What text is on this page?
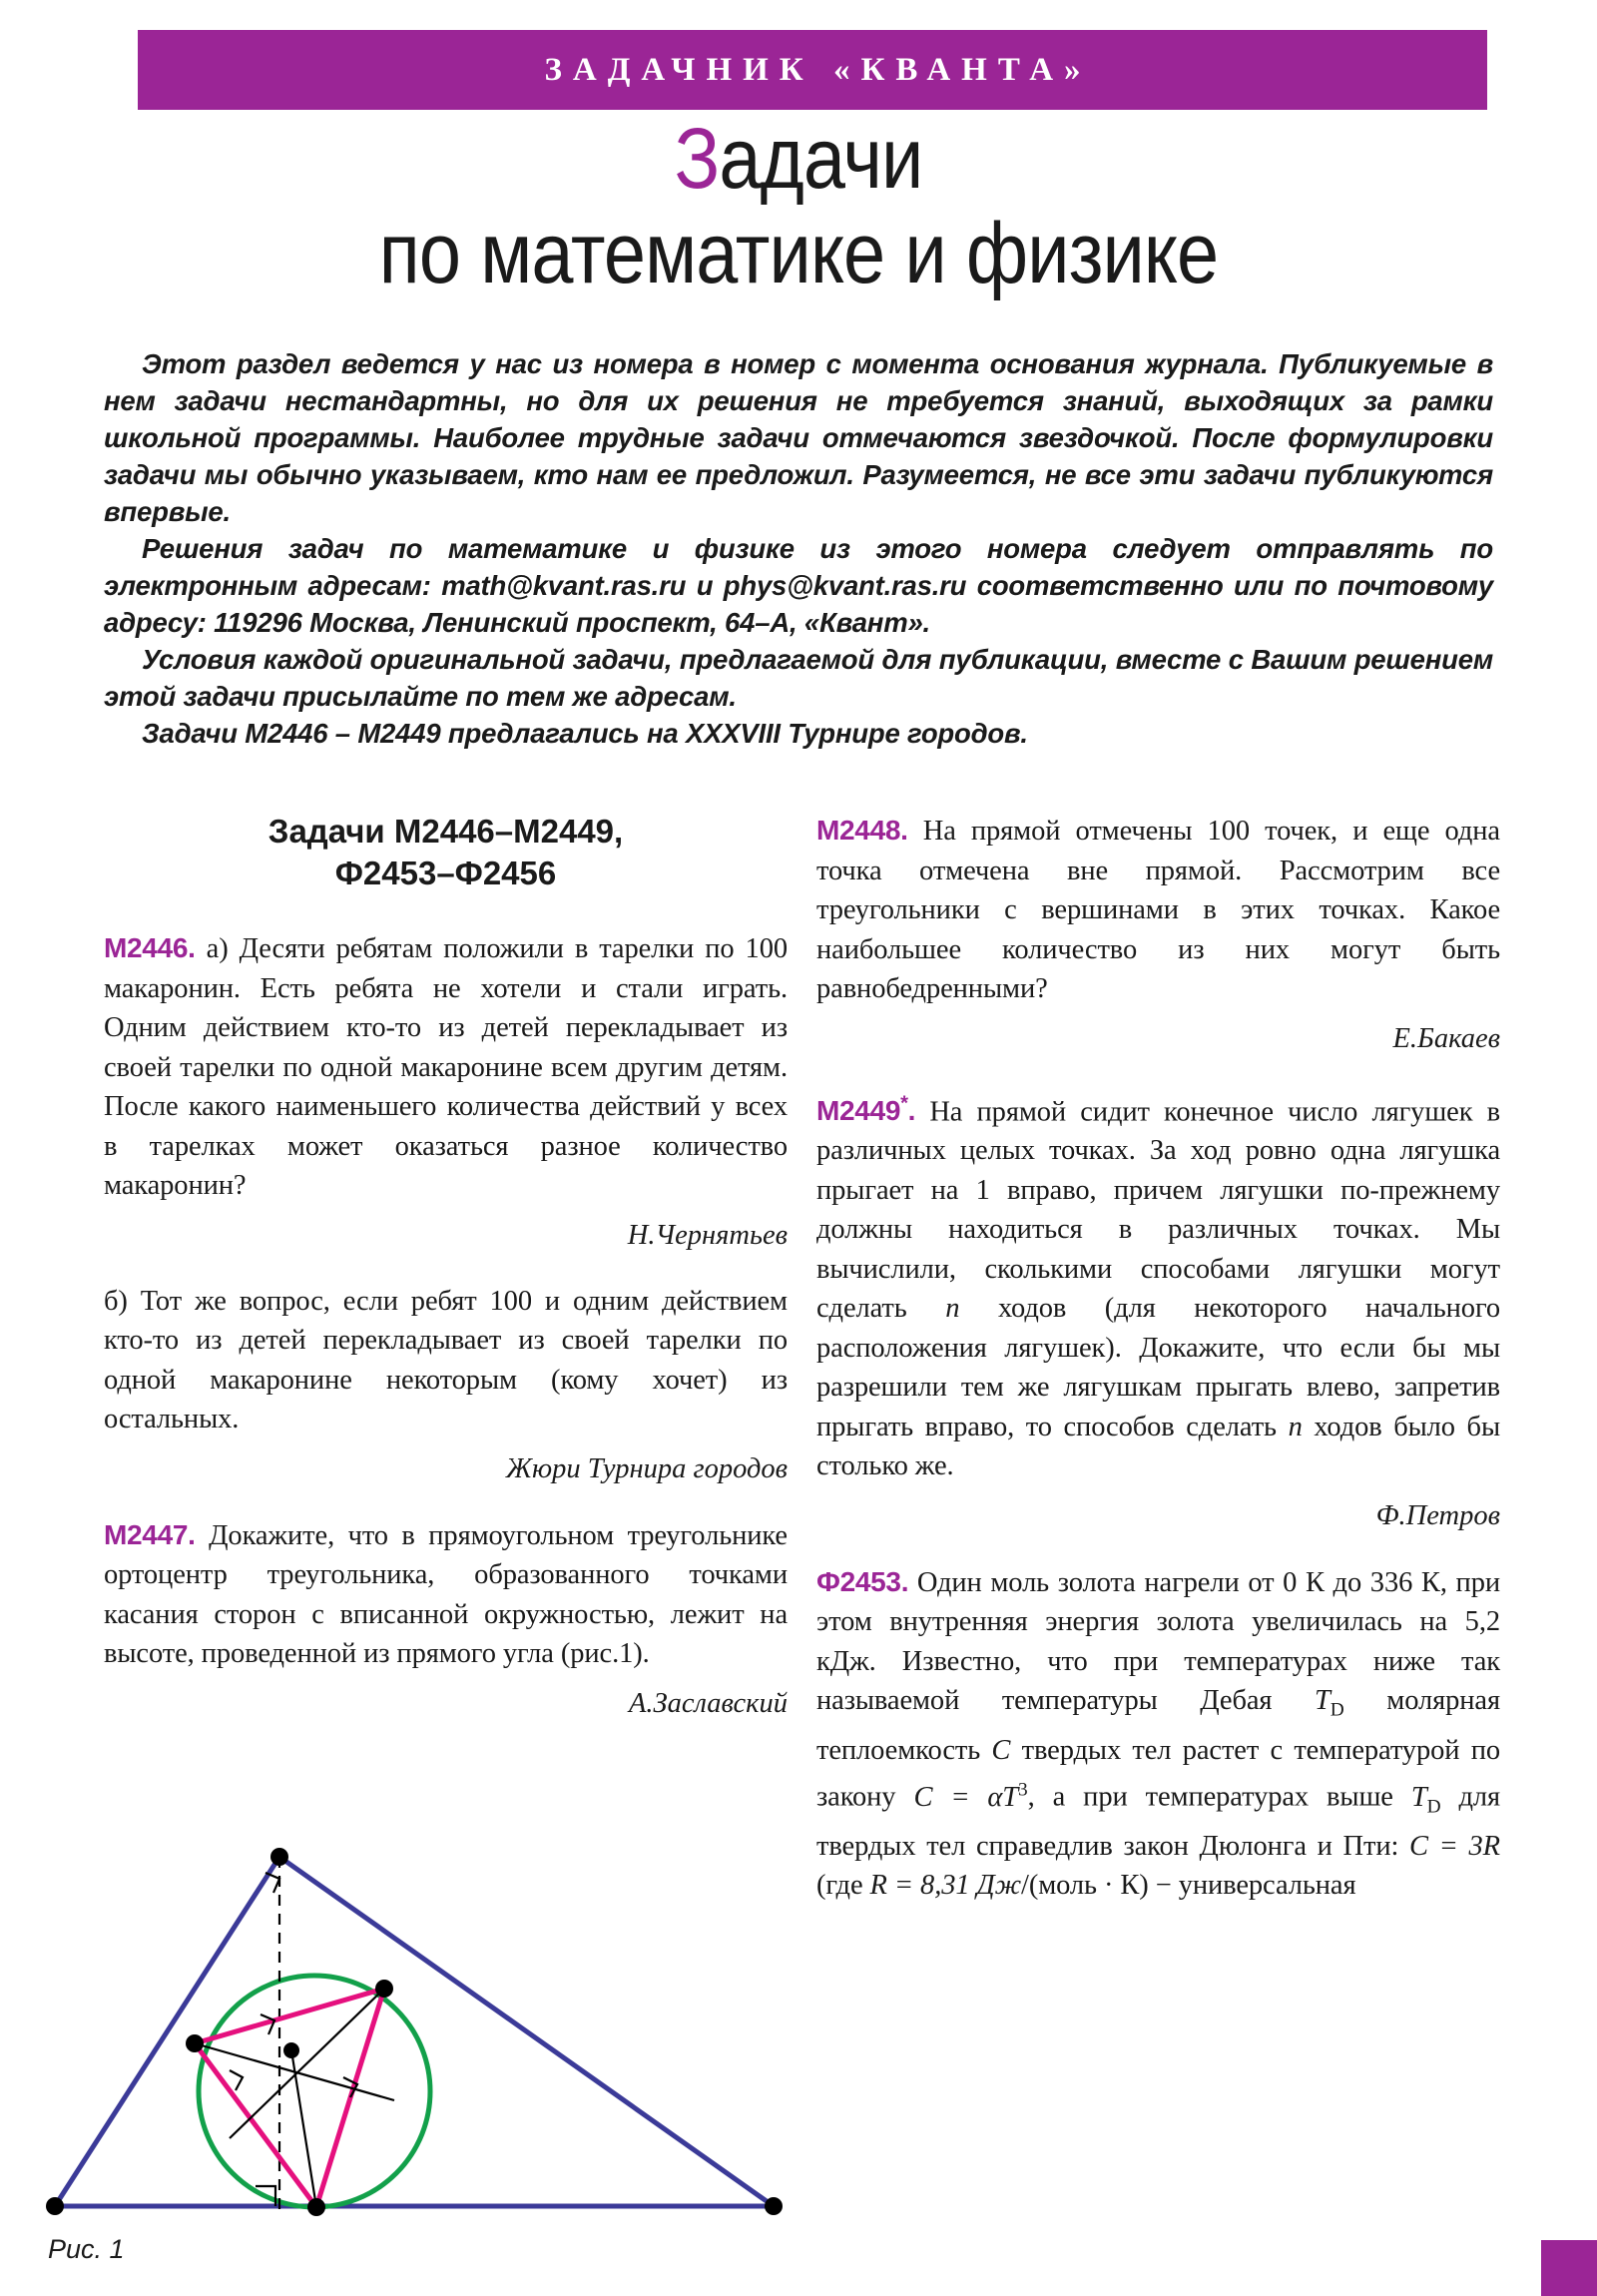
ЗАДАЧНИК «КВАНТА»
Задачи
по математике и физике

Этот раздел ведется у нас из номера в номер с момента основания журнала. Публикуемые в нем задачи нестандартны, но для их решения не требуется знаний, выходящих за рамки школьной программы. Наиболее трудные задачи отмечаются звездочкой. После формулировки задачи мы обычно указываем, кто нам ее предложил. Разумеется, не все эти задачи публикуются впервые.

Решения задач по математике и физике из этого номера следует отправлять по электронным адресам: math@kvant.ras.ru и phys@kvant.ras.ru соответственно или по почтовому адресу: 119296 Москва, Ленинский проспект, 64–А, «Квант».

Условия каждой оригинальной задачи, предлагаемой для публикации, вместе с Вашим решением этой задачи присылайте по тем же адресам.

Задачи М2446 – М2449 предлагались на XXXVIII Турнире городов.

Задачи М2446–М2449,
Ф2453–Ф2456

М2446. а) Десяти ребятам положили в тарелки по 100 макаронин. Есть ребята не хотели и стали играть. Одним действием кто-то из детей перекладывает из своей тарелки по одной макаронине всем другим детям. После какого наименьшего количества действий у всех в тарелках может оказаться разное количество макаронин?

Н.Чернятьев

б) Тот же вопрос, если ребят 100 и одним действием кто-то из детей перекладывает из своей тарелки по одной макаронине некоторым (кому хочет) из остальных.

Жюри Турнира городов

М2447. Докажите, что в прямоугольном треугольнике ортоцентр треугольника, образованного точками касания сторон с вписанной окружностью, лежит на высоте, проведенной из прямого угла (рис.1).

А.Заславский

Рис. 1

М2448. На прямой отмечены 100 точек, и еще одна точка отмечена вне прямой. Рассмотрим все треугольники с вершинами в этих точках. Какое наибольшее количество из них могут быть равнобедренными?

Е.Бакаев

М2449*. На прямой сидит конечное число лягушек в различных целых точках. За ход ровно одна лягушка прыгает на 1 вправо, причем лягушки по-прежнему должны находиться в различных точках. Мы вычислили, сколькими способами лягушки могут сделать n ходов (для некоторого начального расположения лягушек). Докажите, что если бы мы разрешили тем же лягушкам прыгать влево, запретив прыгать вправо, то способов сделать n ходов было бы столько же.

Ф.Петров

Ф2453. Один моль золота нагрели от 0 К до 336 К, при этом внутренняя энергия золота увеличилась на 5,2 кДж. Известно, что при температурах ниже так называемой температуры Дебая $T_D$ молярная теплоемкость C твердых тел растет с температурой по закону $C = \alpha T^3$, а при температурах выше $T_D$ для твердых тел справедлив закон Дюлонга и Пти: C = 3R (где R = 8,31 Дж/(моль · К) − универсальная
